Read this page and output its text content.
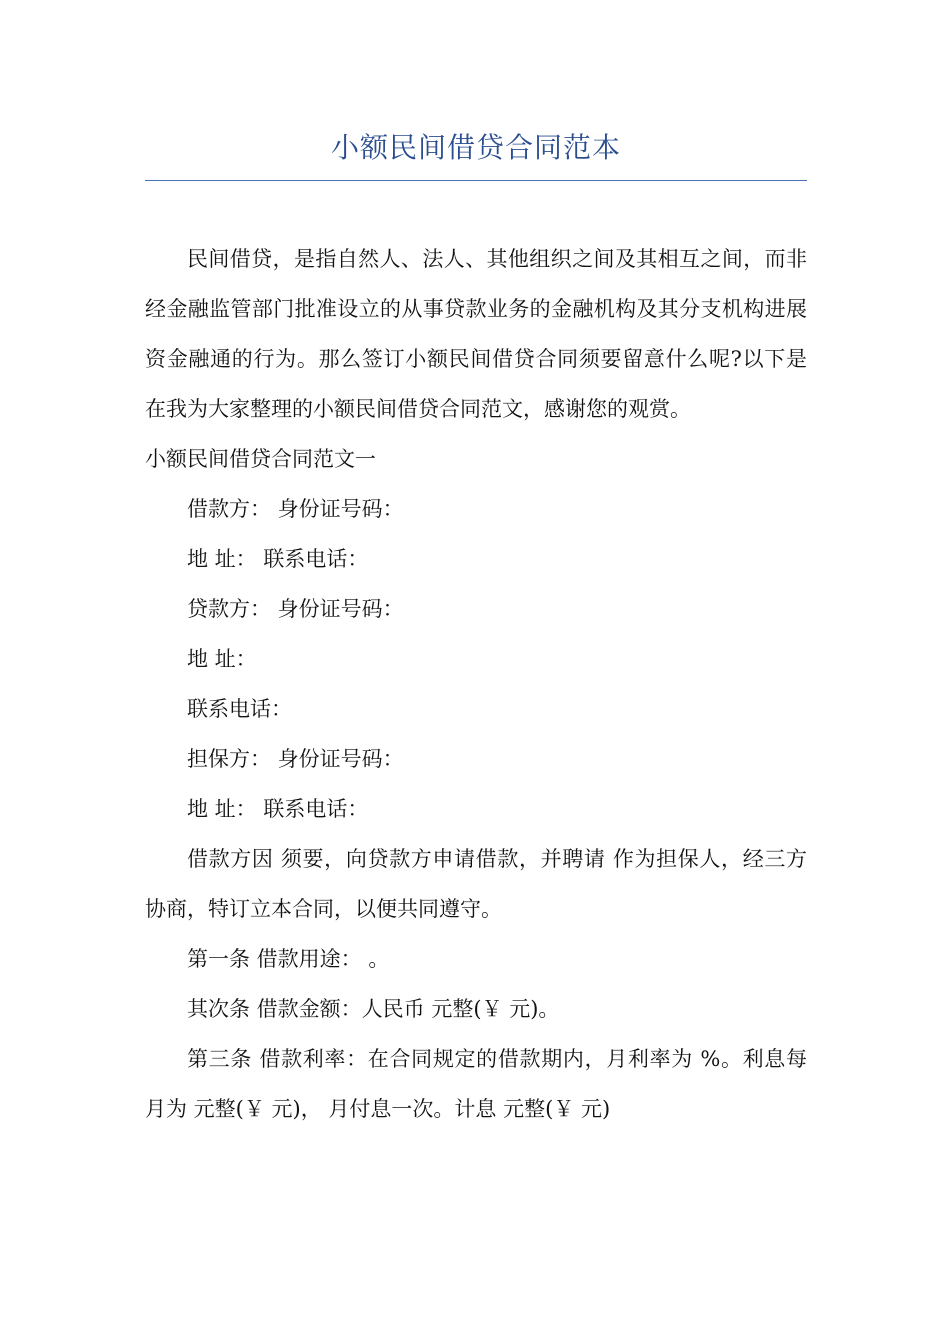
小额民间借贷合同范本

民间借贷，是指自然人、法人、其他组织之间及其相互之间，而非经金融监管部门批准设立的从事贷款业务的金融机构及其分支机构进展资金融通的行为。那么签订小额民间借贷合同须要留意什么呢?以下是在我为大家整理的小额民间借贷合同范文，感谢您的观赏。

小额民间借贷合同范文一

借款方： 身份证号码：

地 址： 联系电话：

贷款方： 身份证号码：

地 址：

联系电话：

担保方： 身份证号码：

地 址： 联系电话：

借款方因 须要，向贷款方申请借款，并聘请 作为担保人，经三方协商，特订立本合同，以便共同遵守。

第一条 借款用途： 。

其次条 借款金额：人民币 元整(￥ 元)。

第三条 借款利率：在合同规定的借款期内，月利率为 %。利息每月为 元整(￥ 元)， 月付息一次。计息 元整(￥ 元)
